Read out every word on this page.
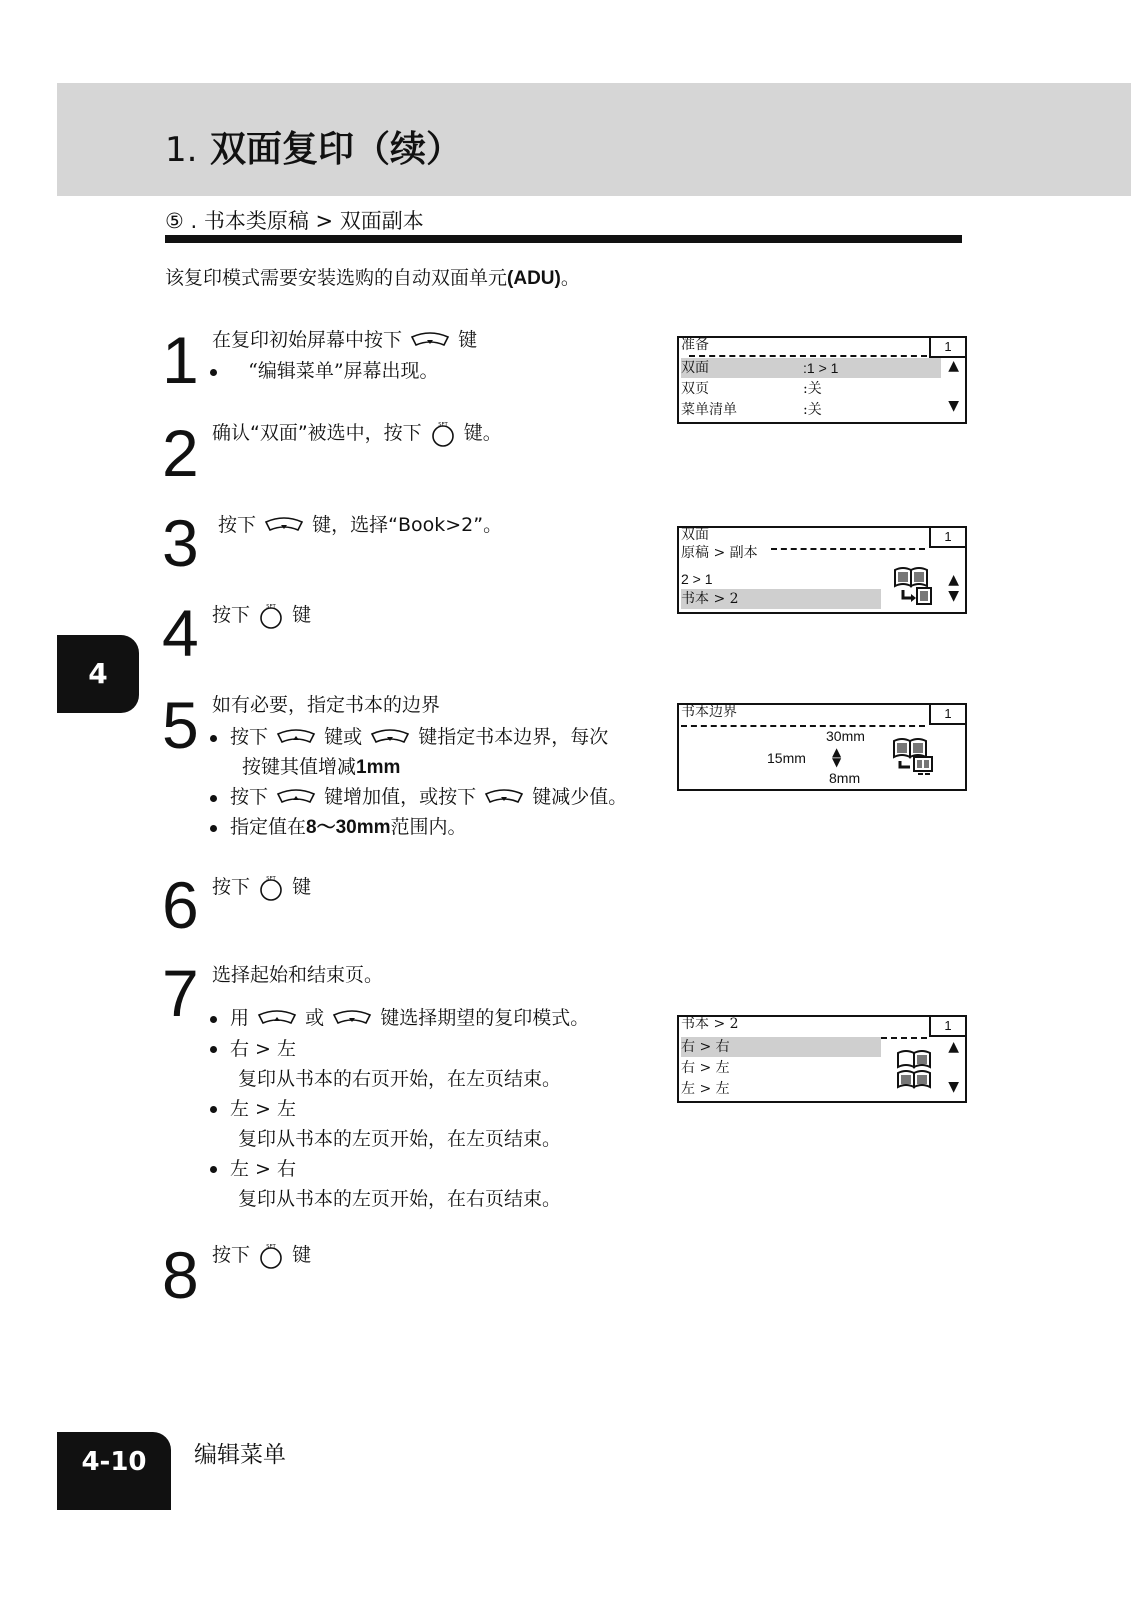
1. 双面复印（续）
⑤ . 书本类原稿 > 双面副本
该复印模式需要安装选购的自动双面单元(ADU)。
1 在复印初始屏幕中按下	键
“编辑菜单”屏幕出现。
2 确认“双面”被选中，按下	SET 键。
3 按下	键，选择“Book>2”。
4 按下	SET 键
5 如有必要，指定书本的边界
按下	键或	键指定书本边界，每次
按键其值增减1mm
按下	键增加值，或按下	键减少值。
指定值在8～30mm范围内。
6 按下	SET 键
7 选择起始和结束页。
用	或	键选择期望的复印模式。
右 > 左
复印从书本的右页开始，在左页结束。
左 > 左
复印从书本的左页开始，在左页结束。
左 > 右
复印从书本的左页开始，在右页结束。
8 按下	SET 键
准备	1
双面	:1 > 1
双页	:关
菜单清单	:关
▲
▼
双面	1
原稿 > 副本
2 > 1
书本 > 2
▲
▼
书本边界	1
30mm
15mm ▲
▼
8mm
书本 > 2	1
右 > 右
右 > 左
左 > 左
▲
▼
4
4-10	编辑菜单
